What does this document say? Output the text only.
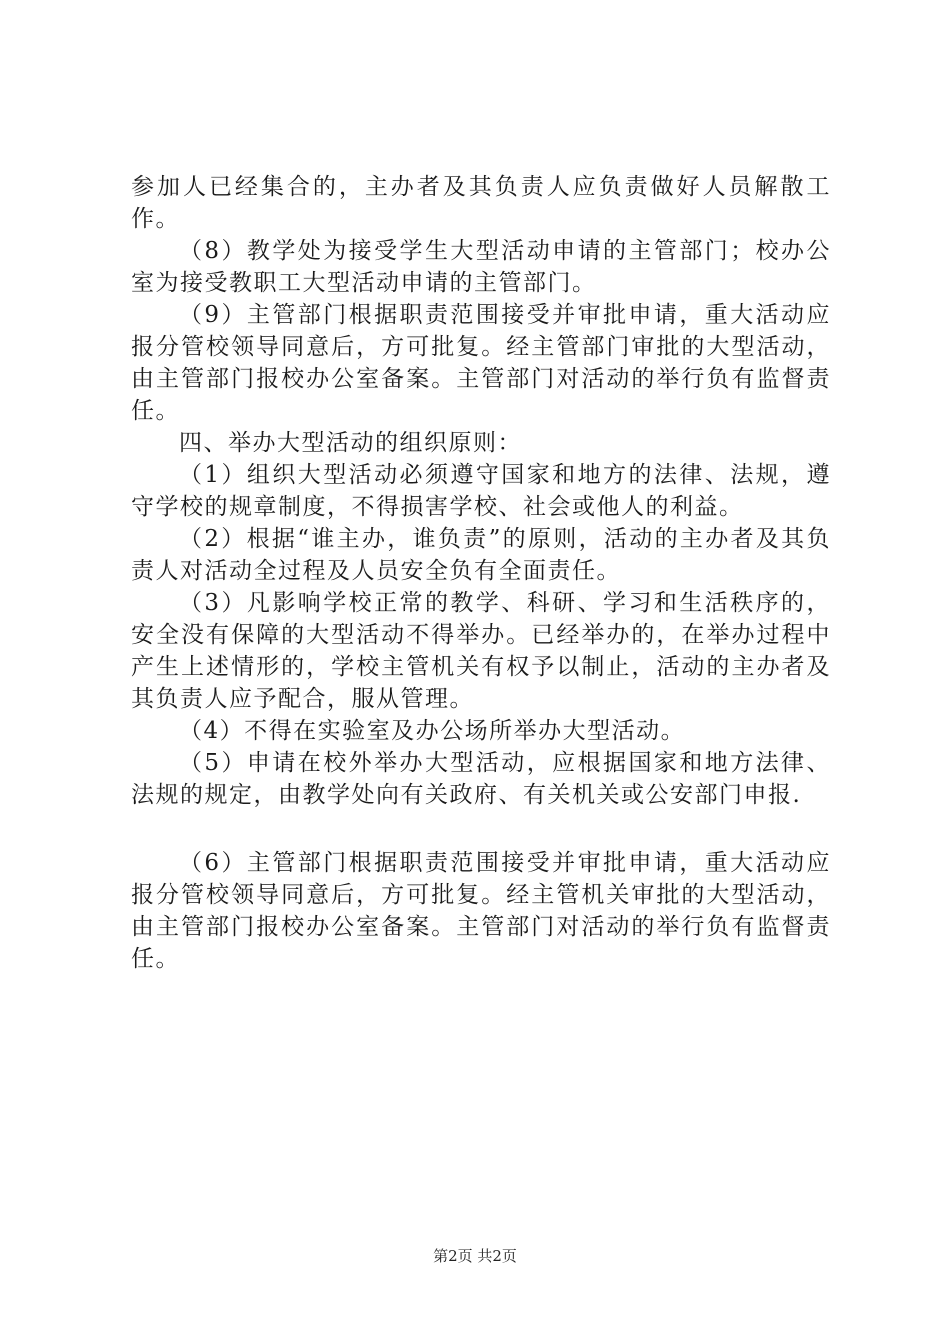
参加人已经集合的，主办者及其负责人应负责做好人员解散工作。

（8）教学处为接受学生大型活动申请的主管部门；校办公室为接受教职工大型活动申请的主管部门。

（9）主管部门根据职责范围接受并审批申请，重大活动应报分管校领导同意后，方可批复。经主管部门审批的大型活动，由主管部门报校办公室备案。主管部门对活动的举行负有监督责任。

四、举办大型活动的组织原则：

（1）组织大型活动必须遵守国家和地方的法律、法规，遵守学校的规章制度，不得损害学校、社会或他人的利益。

（2）根据“谁主办，谁负责”的原则，活动的主办者及其负责人对活动全过程及人员安全负有全面责任。

（3）凡影响学校正常的教学、科研、学习和生活秩序的，安全没有保障的大型活动不得举办。已经举办的，在举办过程中产生上述情形的，学校主管机关有权予以制止，活动的主办者及其负责人应予配合，服从管理。

（4）不得在实验室及办公场所举办大型活动。

（5）申请在校外举办大型活动，应根据国家和地方法律、法规的规定，由教学处向有关政府、有关机关或公安部门申报.

（6）主管部门根据职责范围接受并审批申请，重大活动应报分管校领导同意后，方可批复。经主管机关审批的大型活动，由主管部门报校办公室备案。主管部门对活动的举行负有监督责任。

第2页 共2页
